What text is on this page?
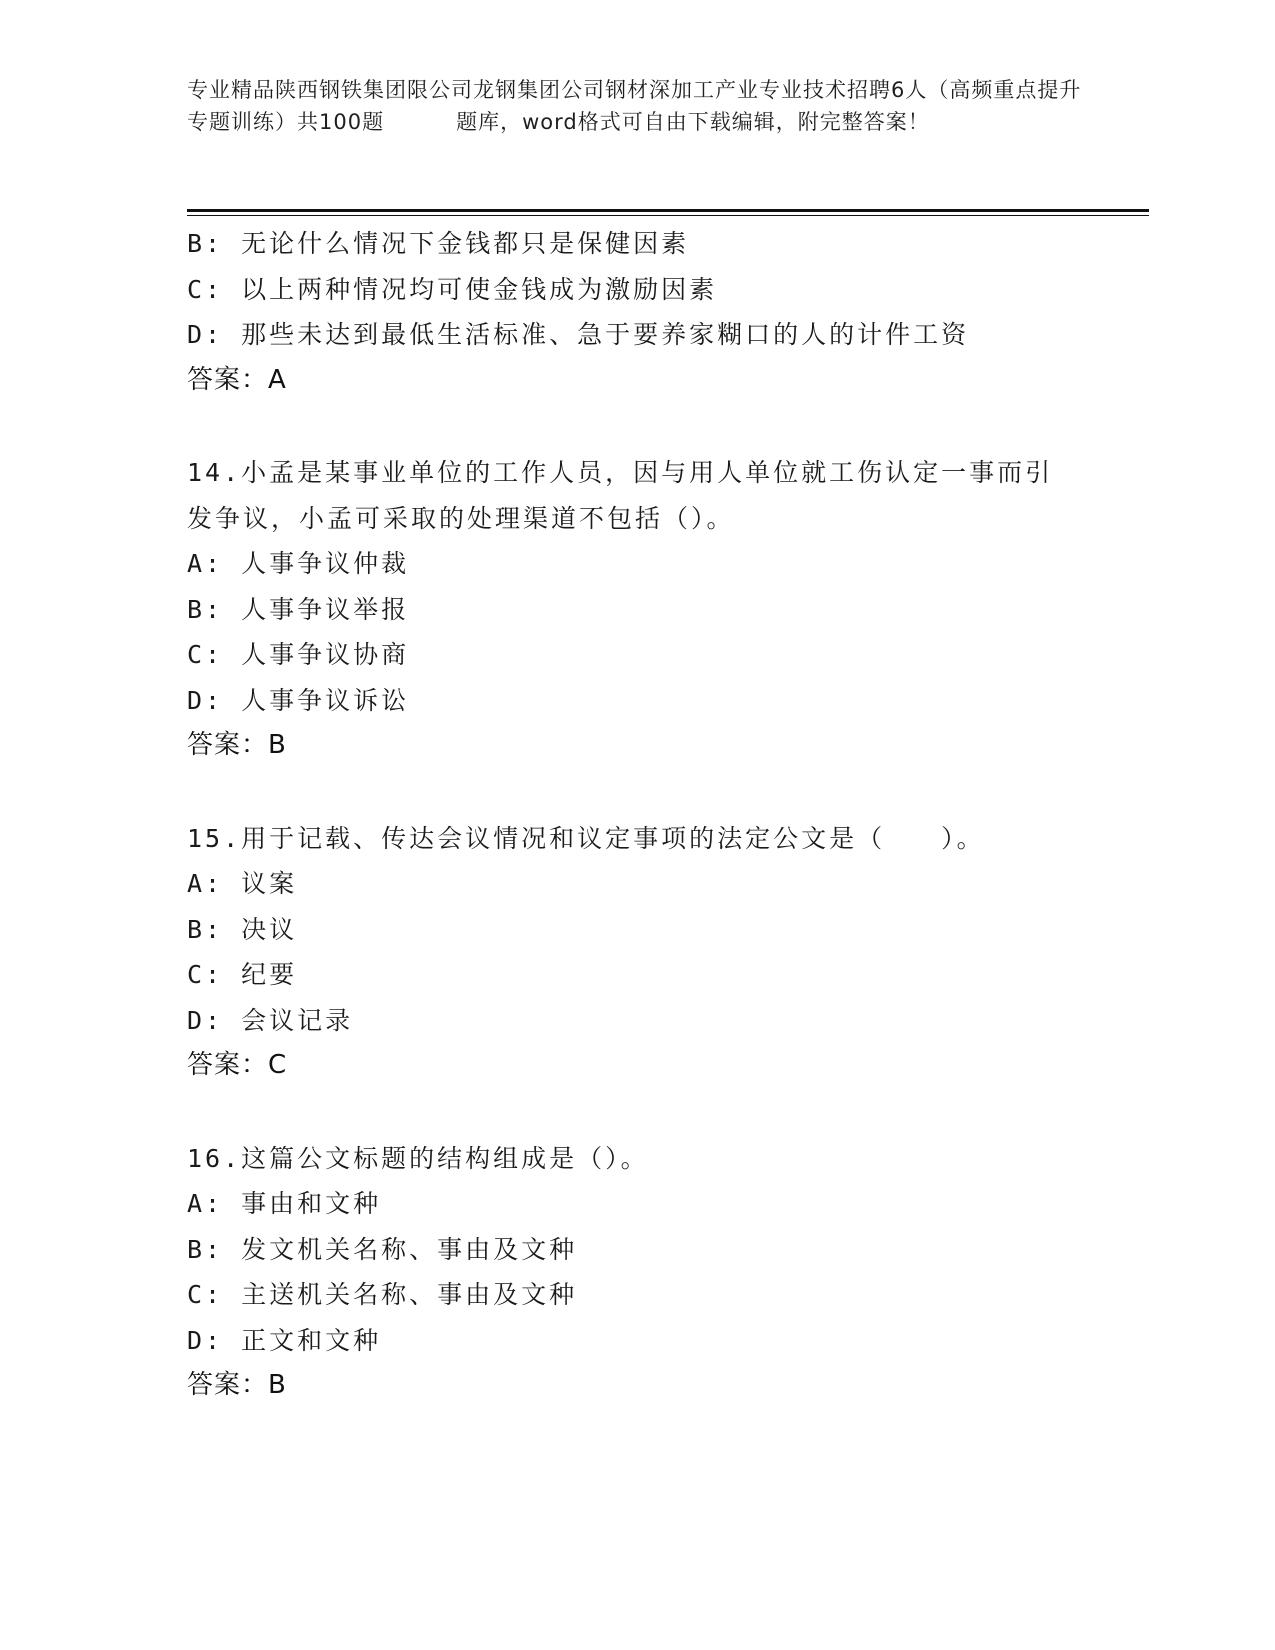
专业精品陕西钢铁集团限公司龙钢集团公司钢材深加工产业专业技术招聘6人（高频重点提升专题训练）共100题	题库，word格式可自由下载编辑，附完整答案！
B: 无论什么情况下金钱都只是保健因素
C: 以上两种情况均可使金钱成为激励因素
D: 那些未达到最低生活标准、急于要养家糊口的人的计件工资
答案：A
14.小孟是某事业单位的工作人员，因与用人单位就工伤认定一事而引
发争议，小孟可采取的处理渠道不包括（）。
A: 人事争议仲裁
B: 人事争议举报
C: 人事争议协商
D: 人事争议诉讼
答案：B
15.用于记载、传达会议情况和议定事项的法定公文是（　　）。
A: 议案
B: 决议
C: 纪要
D: 会议记录
答案：C
16.这篇公文标题的结构组成是（）。
A: 事由和文种
B: 发文机关名称、事由及文种
C: 主送机关名称、事由及文种
D: 正文和文种
答案：B
